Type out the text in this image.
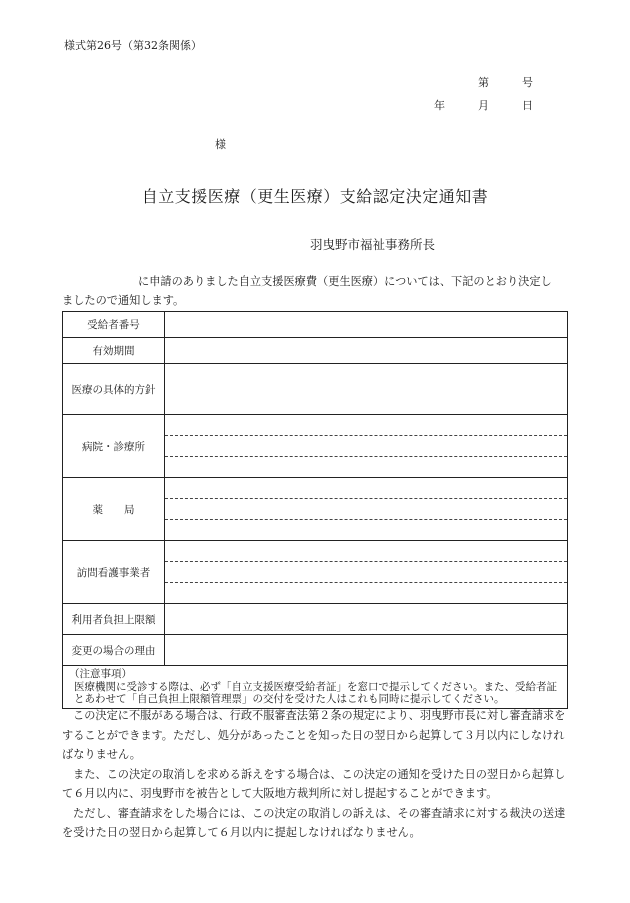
様式第26号（第32条関係）
第	号
年	月	日
様
自立支援医療（更生医療）支給認定決定通知書
羽曳野市福祉事務所長
に申請のありました自立支援医療費（更生医療）については、下記のとおり決定し
ましたので通知します。
受給者番号	
有効期間	
医療の具体的方針	
病院・診療所	

薬　　局	

訪問看護事業者	

利用者負担上限額	
変更の場合の理由	

（注意事項）
医療機関に受診する際は、必ず「自立支援医療受給者証」を窓口で提示してください。また、受給者証とあわせて「自己負担上限額管理票」の交付を受けた人はこれも同時に提示してください。	

この決定に不服がある場合は、行政不服審査法第２条の規定により、羽曳野市長に対し審査請求をすることができます。ただし、処分があったことを知った日の翌日から起算して３月以内にしなければなりません。

また、この決定の取消しを求める訴えをする場合は、この決定の通知を受けた日の翌日から起算して６月以内に、羽曳野市を被告として大阪地方裁判所に対し提起することができます。

ただし、審査請求をした場合には、この決定の取消しの訴えは、その審査請求に対する裁決の送達を受けた日の翌日から起算して６月以内に提起しなければなりません。
